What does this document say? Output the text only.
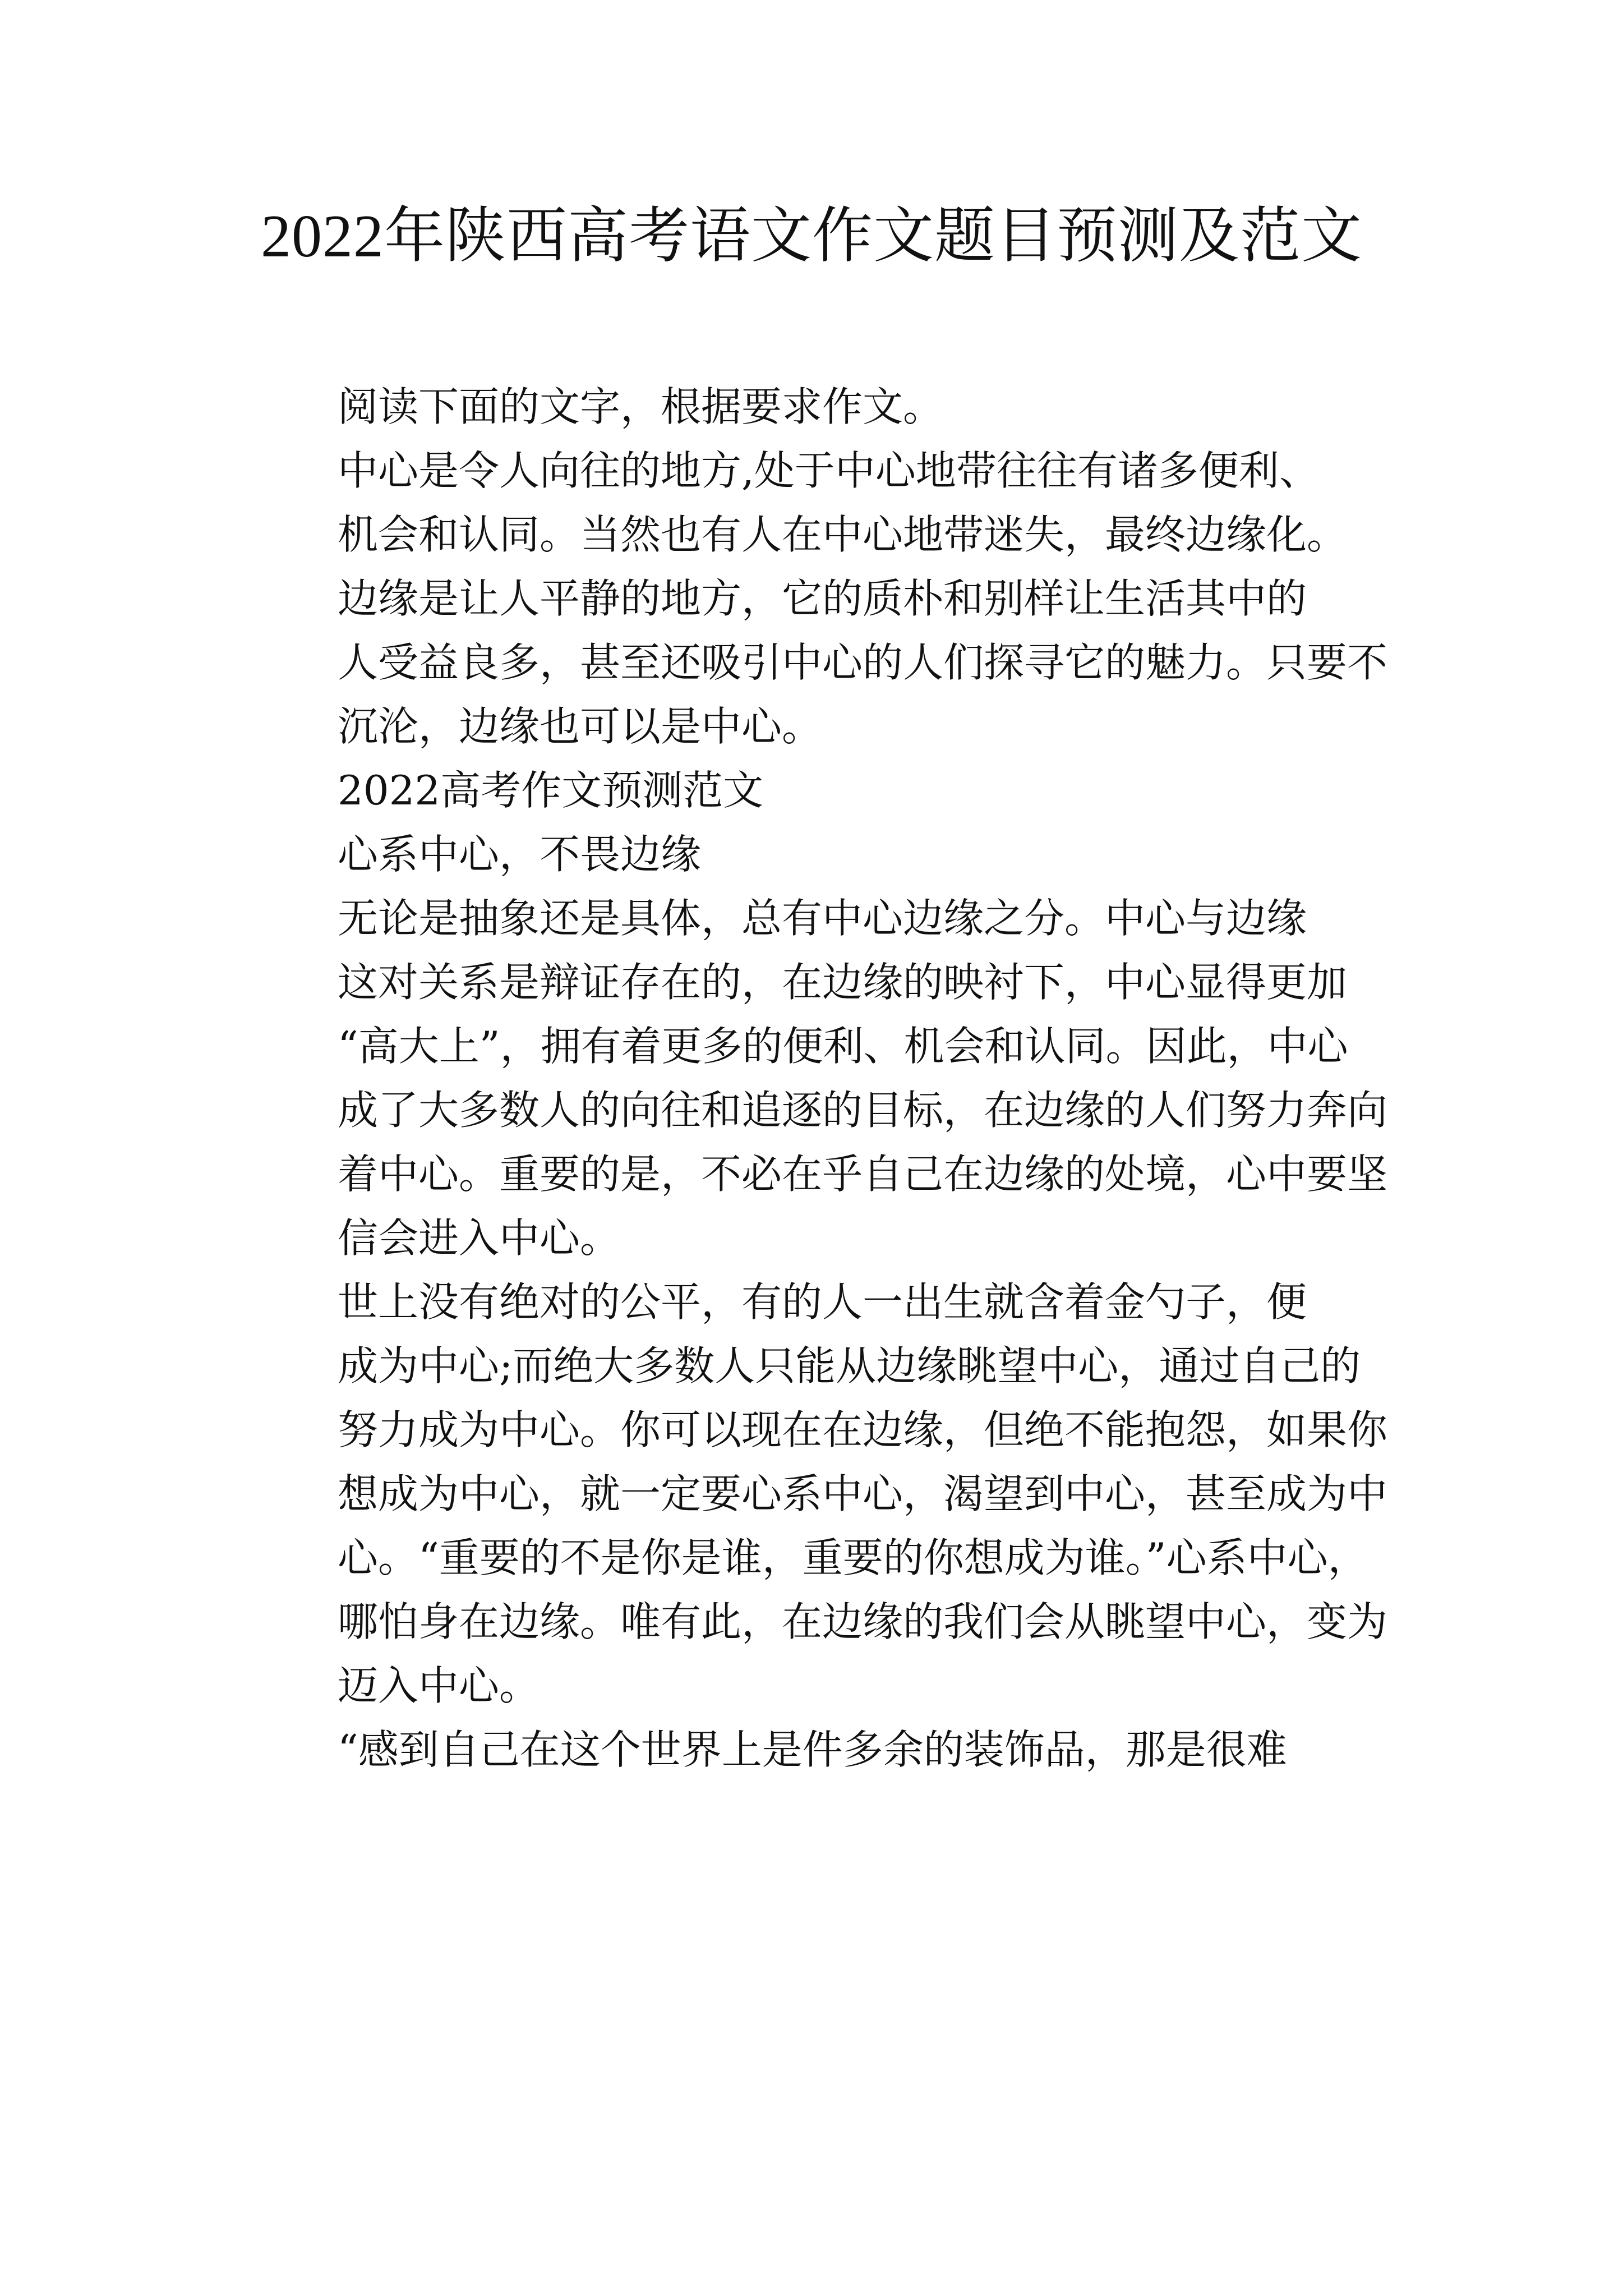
2022年陕西高考语文作文题目预测及范文

阅读下面的文字，根据要求作文。

中心是令人向往的地方,处于中心地带往往有诸多便利、
机会和认同。当然也有人在中心地带迷失，最终边缘化。

边缘是让人平静的地方，它的质朴和别样让生活其中的
人受益良多，甚至还吸引中心的人们探寻它的魅力。只要不
沉沦，边缘也可以是中心。

2022高考作文预测范文

心系中心，不畏边缘

无论是抽象还是具体，总有中心边缘之分。中心与边缘
这对关系是辩证存在的，在边缘的映衬下，中心显得更加
“高大上”，拥有着更多的便利、机会和认同。因此，中心
成了大多数人的向往和追逐的目标，在边缘的人们努力奔向
着中心。重要的是，不必在乎自己在边缘的处境，心中要坚
信会进入中心。

世上没有绝对的公平，有的人一出生就含着金勺子，便
成为中心;而绝大多数人只能从边缘眺望中心，通过自己的
努力成为中心。你可以现在在边缘，但绝不能抱怨，如果你
想成为中心，就一定要心系中心，渴望到中心，甚至成为中
心。“重要的不是你是谁，重要的你想成为谁。”心系中心，
哪怕身在边缘。唯有此，在边缘的我们会从眺望中心，变为
迈入中心。

“感到自己在这个世界上是件多余的装饰品，那是很难
